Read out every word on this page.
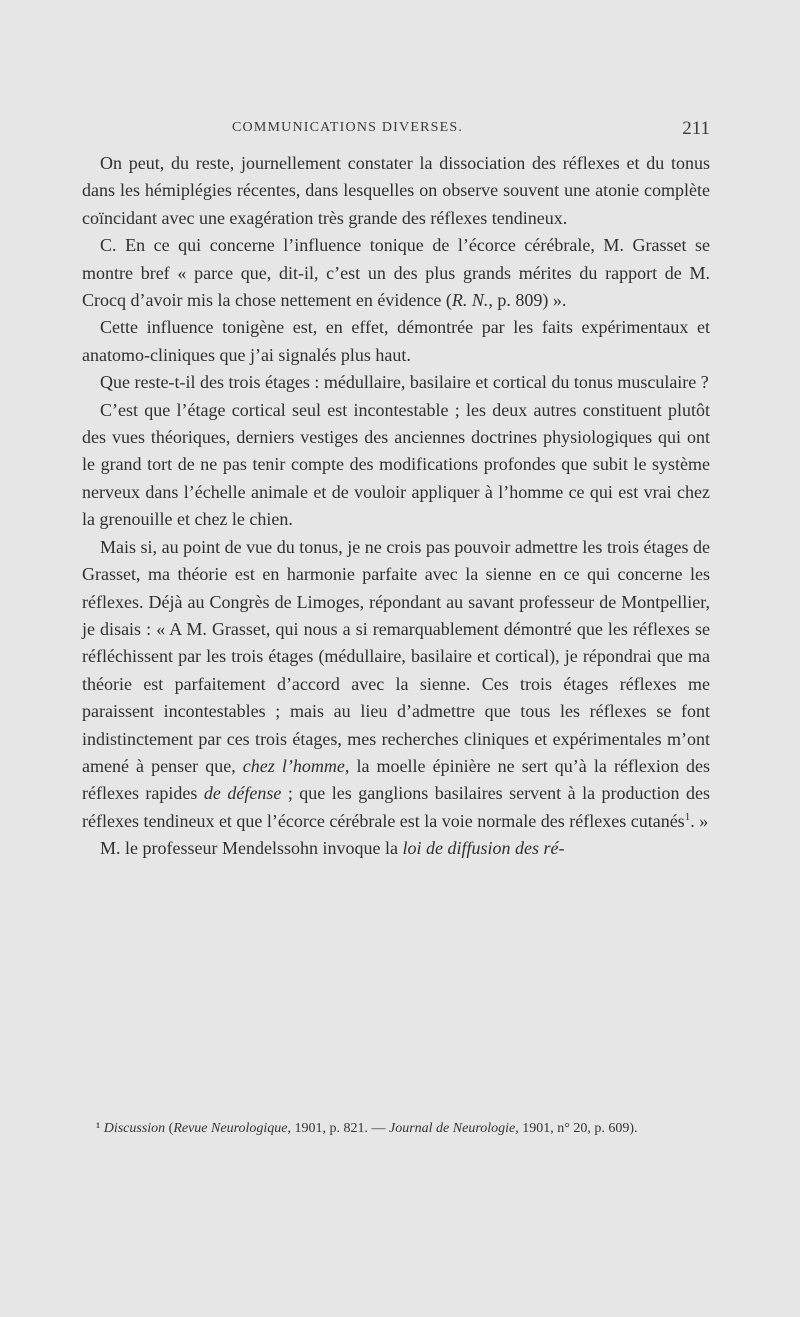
COMMUNICATIONS DIVERSES.	211

On peut, du reste, journellement constater la dissociation des réflexes et du tonus dans les hémiplégies récentes, dans lesquelles on observe souvent une atonie complète coïncidant avec une exagération très grande des réflexes tendineux.

C. En ce qui concerne l’influence tonique de l’écorce cérébrale, M. Grasset se montre bref « parce que, dit-il, c’est un des plus grands mérites du rapport de M. Crocq d’avoir mis la chose nettement en évidence (R. N., p. 809) ».

Cette influence tonigène est, en effet, démontrée par les faits expérimentaux et anatomo-cliniques que j’ai signalés plus haut.

Que reste-t-il des trois étages : médullaire, basilaire et cortical du tonus musculaire ?

C’est que l’étage cortical seul est incontestable ; les deux autres constituent plutôt des vues théoriques, derniers vestiges des anciennes doctrines physiologiques qui ont le grand tort de ne pas tenir compte des modifications profondes que subit le système nerveux dans l’échelle animale et de vouloir appliquer à l’homme ce qui est vrai chez la grenouille et chez le chien.

Mais si, au point de vue du tonus, je ne crois pas pouvoir admettre les trois étages de Grasset, ma théorie est en harmonie parfaite avec la sienne en ce qui concerne les réflexes. Déjà au Congrès de Limoges, répondant au savant professeur de Montpellier, je disais : « A M. Grasset, qui nous a si remarquablement démontré que les réflexes se réfléchissent par les trois étages (médullaire, basilaire et cortical), je répondrai que ma théorie est parfaitement d’accord avec la sienne. Ces trois étages réflexes me paraissent incontestables ; mais au lieu d’admettre que tous les réflexes se font indistinctement par ces trois étages, mes recherches cliniques et expérimentales m’ont amené à penser que, chez l’homme, la moelle épinière ne sert qu’à la réflexion des réflexes rapides de défense ; que les ganglions basilaires servent à la production des réflexes tendineux et que l’écorce cérébrale est la voie normale des réflexes cutanés$^1$. »

M. le professeur Mendelssohn invoque la loi de diffusion des ré-

¹ Discussion (Revue Neurologique, 1901, p. 821. — Journal de Neurologie, 1901, n° 20, p. 609).
